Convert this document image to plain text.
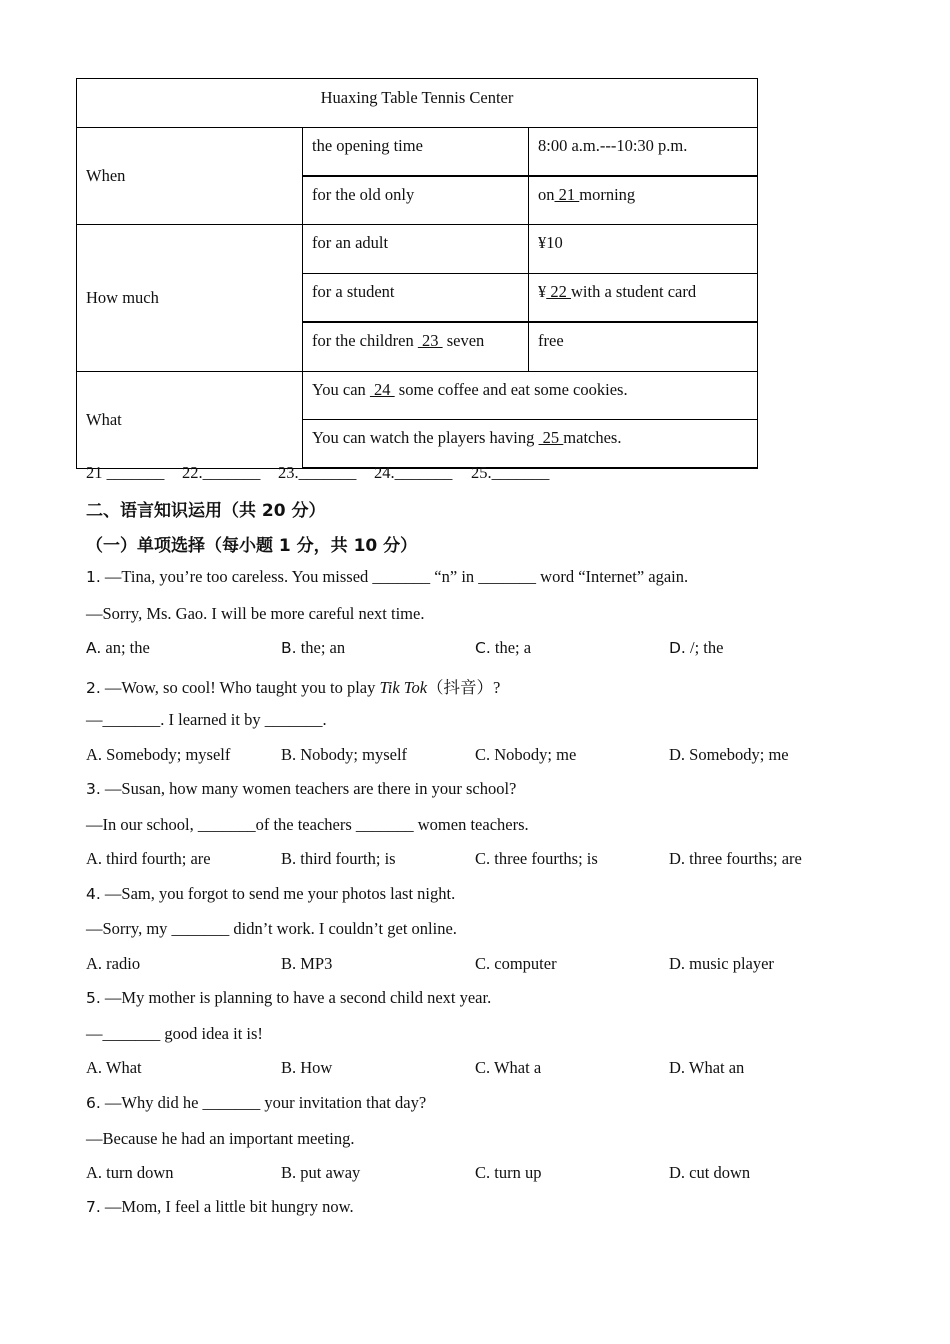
Huaxing Table Tennis Center		
When	the opening time	8:00 a.m.---10:30 p.m.
	for the old only	on 21 morning
How much	for an adult	¥10
	for a student	¥ 22 with a student card
	for the children  23  seven	free
What	You can  24  some coffee and eat some cookies.	
	You can watch the players having  25 matches.	
21 _______ 22._______ 23._______ 24._______ 25._______
二、语言知识运用（共 20 分）
（一）单项选择（每小题 1 分，共 10 分）
1. —Tina, you’re too careless. You missed _______ “n” in _______ word “Internet” again.
—Sorry, Ms. Gao. I will be more careful next time.
A. an; the	B. the; an	C. the; a	D. /; the
2. —Wow, so cool! Who taught you to play Tik Tok（抖音）?
—_______. I learned it by _______.
A. Somebody; myself	B. Nobody; myself	C. Nobody; me	D. Somebody; me
3. —Susan, how many women teachers are there in your school?
—In our school, _______of the teachers _______ women teachers.
A. third fourth; are	B. third fourth; is	C. three fourths; is	D. three fourths; are
4. —Sam, you forgot to send me your photos last night.
—Sorry, my _______ didn’t work. I couldn’t get online.
A. radio	B. MP3	C. computer	D. music player
5. —My mother is planning to have a second child next year.
—_______ good idea it is!
A. What	B. How	C. What a	D. What an
6. —Why did he _______ your invitation that day?
—Because he had an important meeting.
A. turn down	B. put away	C. turn up	D. cut down
7. —Mom, I feel a little bit hungry now.
